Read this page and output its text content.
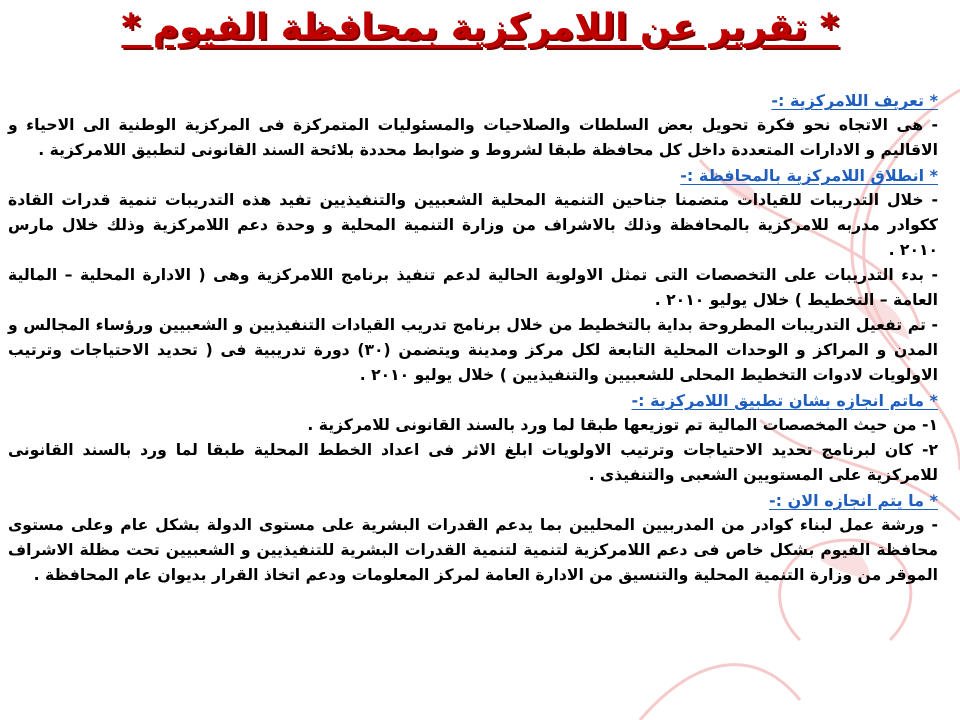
* تقرير عن اللامركزية بمحافظة الفيوم *
* تعريف اللامركزية :-

- هى الاتجاه نحو فكرة تحويل بعض السلطات والصلاحيات والمسئوليات المتمركزة فى المركزية الوطنية الى الاحياء و الاقاليم و الادارات المتعددة داخل كل محافظة طبقا لشروط و ضوابط محددة بلائحة السند القانونى لتطبيق اللامركزية .

* انطلاق اللامركزية بالمحافظة :-

- خلال التدريبات للقيادات متضمنا جناحين التنمية المحلية الشعبيين والتنفيذيين تفيد هذه التدريبات تنمية قدرات القادة ككوادر مدربه للامركزية بالمحافظة وذلك بالاشراف من وزارة التنمية المحلية و وحدة دعم اللامركزية وذلك خلال مارس ٢٠١٠ .

- بدء التدريبات على التخصصات التى تمثل الاولوية الحالية لدعم تنفيذ برنامج اللامركزية وهى ( الادارة المحلية – المالية العامة – التخطيط ) خلال يوليو ٢٠١٠ .

- تم تفعيل التدريبات المطروحة بداية بالتخطيط من خلال برنامج تدريب القيادات التنفيذيين و الشعبيين ورؤساء المجالس و المدن و المراكز و الوحدات المحلية التابعة لكل مركز ومدينة ويتضمن (٣٠) دورة تدريبية فى ( تحديد الاحتياجات وترتيب الاولويات لادوات التخطيط المحلى للشعبيين والتنفيذيين ) خلال يوليو ٢٠١٠ .

* ماتم انجازه بشان تطبيق اللامركزية :-

١- من حيث المخصصات المالية تم توزيعها طبقا لما ورد بالسند القانونى للامركزية .

٢- كان لبرنامج تحديد الاحتياجات وترتيب الاولويات ابلغ الاثر فى اعداد الخطط المحلية طبقا لما ورد بالسند القانونى للامركزية على المستويين الشعبى والتنفيذى .

* ما يتم انجازه الان :-

- ورشة عمل لبناء كوادر من المدربيين المحليين بما يدعم القدرات البشرية على مستوى الدولة بشكل عام وعلى مستوى محافظة الفيوم بشكل خاص فى دعم اللامركزية لتنمية لتنمية القدرات البشرية للتنفيذيين و الشعبيين تحت مظلة الاشراف الموقر من وزارة التنمية المحلية والتنسيق من الادارة العامة لمركز المعلومات ودعم اتخاذ القرار بديوان عام المحافظة .
